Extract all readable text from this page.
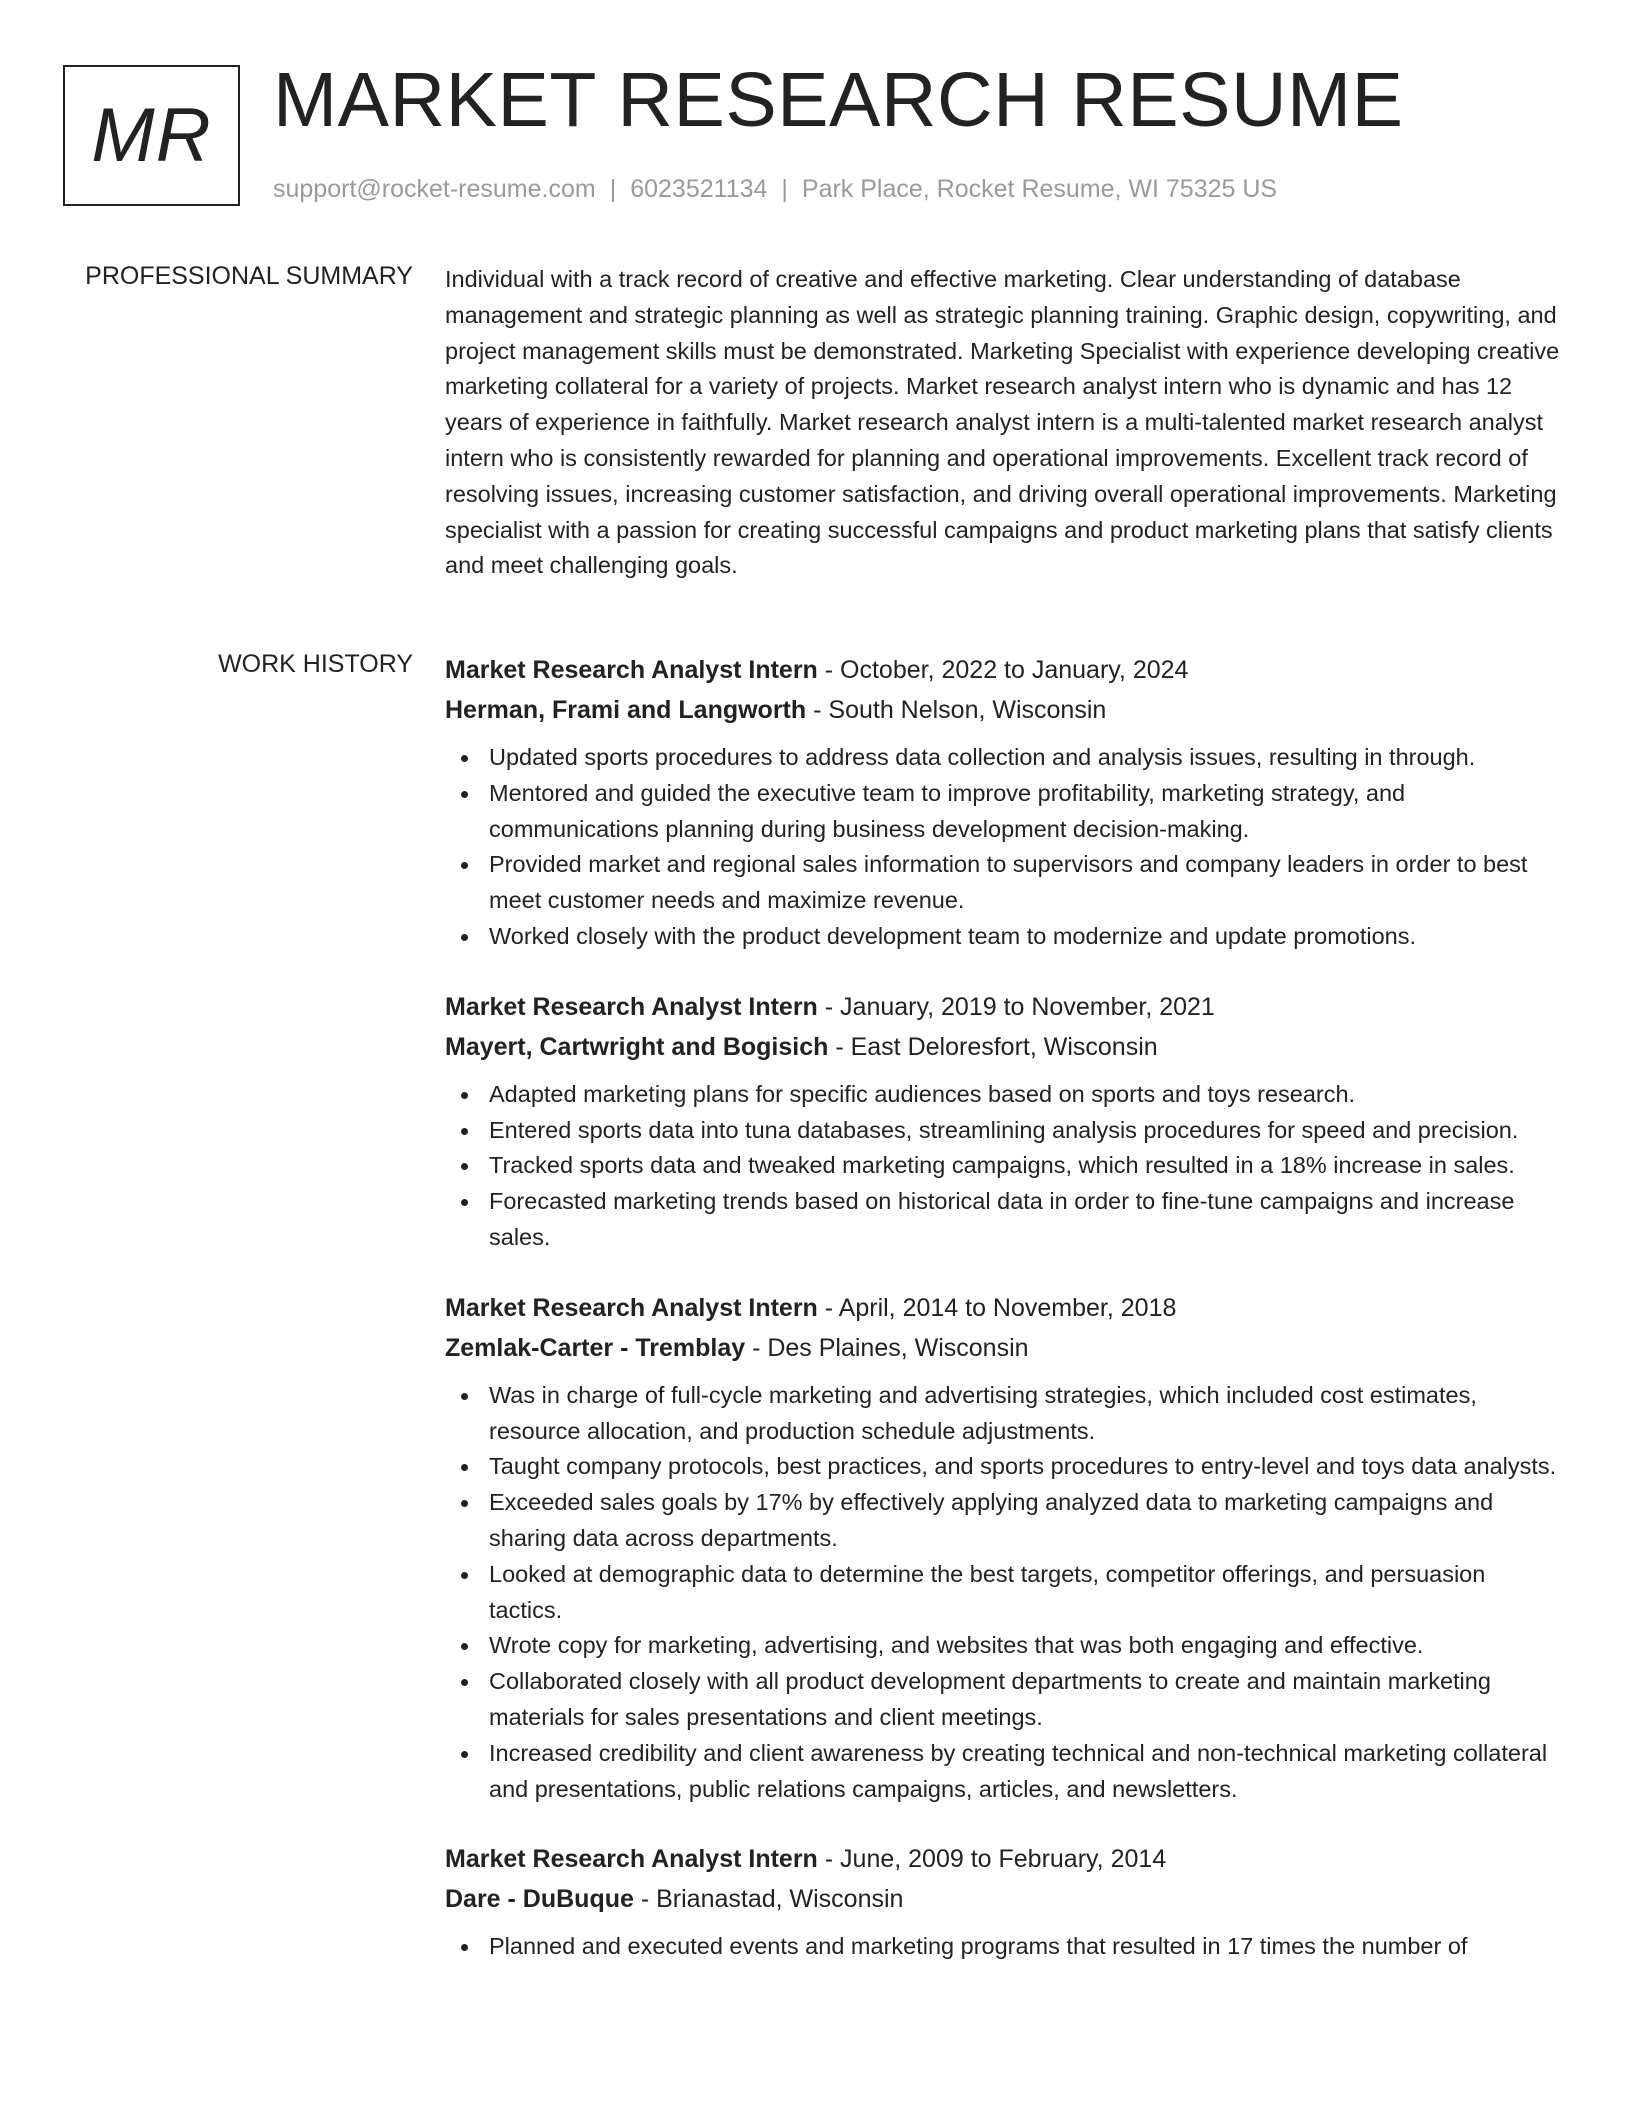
MR MARKET RESEARCH RESUME
support@rocket-resume.com | 6023521134 | Park Place, Rocket Resume, WI 75325 US
PROFESSIONAL SUMMARY Individual with a track record of creative and effective marketing. Clear understanding of database management and strategic planning as well as strategic planning training. Graphic design, copywriting, and project management skills must be demonstrated. Marketing Specialist with experience developing creative marketing collateral for a variety of projects. Market research analyst intern who is dynamic and has 12 years of experience in faithfully. Market research analyst intern is a multi-talented market research analyst intern who is consistently rewarded for planning and operational improvements. Excellent track record of resolving issues, increasing customer satisfaction, and driving overall operational improvements. Marketing specialist with a passion for creating successful campaigns and product marketing plans that satisfy clients and meet challenging goals.

WORK HISTORY Market Research Analyst Intern - October, 2022 to January, 2024
Herman, Frami and Langworth - South Nelson, Wisconsin
Updated sports procedures to address data collection and analysis issues, resulting in through.
Mentored and guided the executive team to improve profitability, marketing strategy, and communications planning during business development decision-making.
Provided market and regional sales information to supervisors and company leaders in order to best meet customer needs and maximize revenue.
Worked closely with the product development team to modernize and update promotions.
Market Research Analyst Intern - January, 2019 to November, 2021
Mayert, Cartwright and Bogisich - East Deloresfort, Wisconsin
Adapted marketing plans for specific audiences based on sports and toys research.
Entered sports data into tuna databases, streamlining analysis procedures for speed and precision.
Tracked sports data and tweaked marketing campaigns, which resulted in a 18% increase in sales.
Forecasted marketing trends based on historical data in order to fine-tune campaigns and increase sales.
Market Research Analyst Intern - April, 2014 to November, 2018
Zemlak-Carter - Tremblay - Des Plaines, Wisconsin
Was in charge of full-cycle marketing and advertising strategies, which included cost estimates, resource allocation, and production schedule adjustments.
Taught company protocols, best practices, and sports procedures to entry-level and toys data analysts.
Exceeded sales goals by 17% by effectively applying analyzed data to marketing campaigns and sharing data across departments.
Looked at demographic data to determine the best targets, competitor offerings, and persuasion tactics.
Wrote copy for marketing, advertising, and websites that was both engaging and effective.
Collaborated closely with all product development departments to create and maintain marketing materials for sales presentations and client meetings.
Increased credibility and client awareness by creating technical and non-technical marketing collateral and presentations, public relations campaigns, articles, and newsletters.
Market Research Analyst Intern - June, 2009 to February, 2014
Dare - DuBuque - Brianastad, Wisconsin
Planned and executed events and marketing programs that resulted in 17 times the number of
